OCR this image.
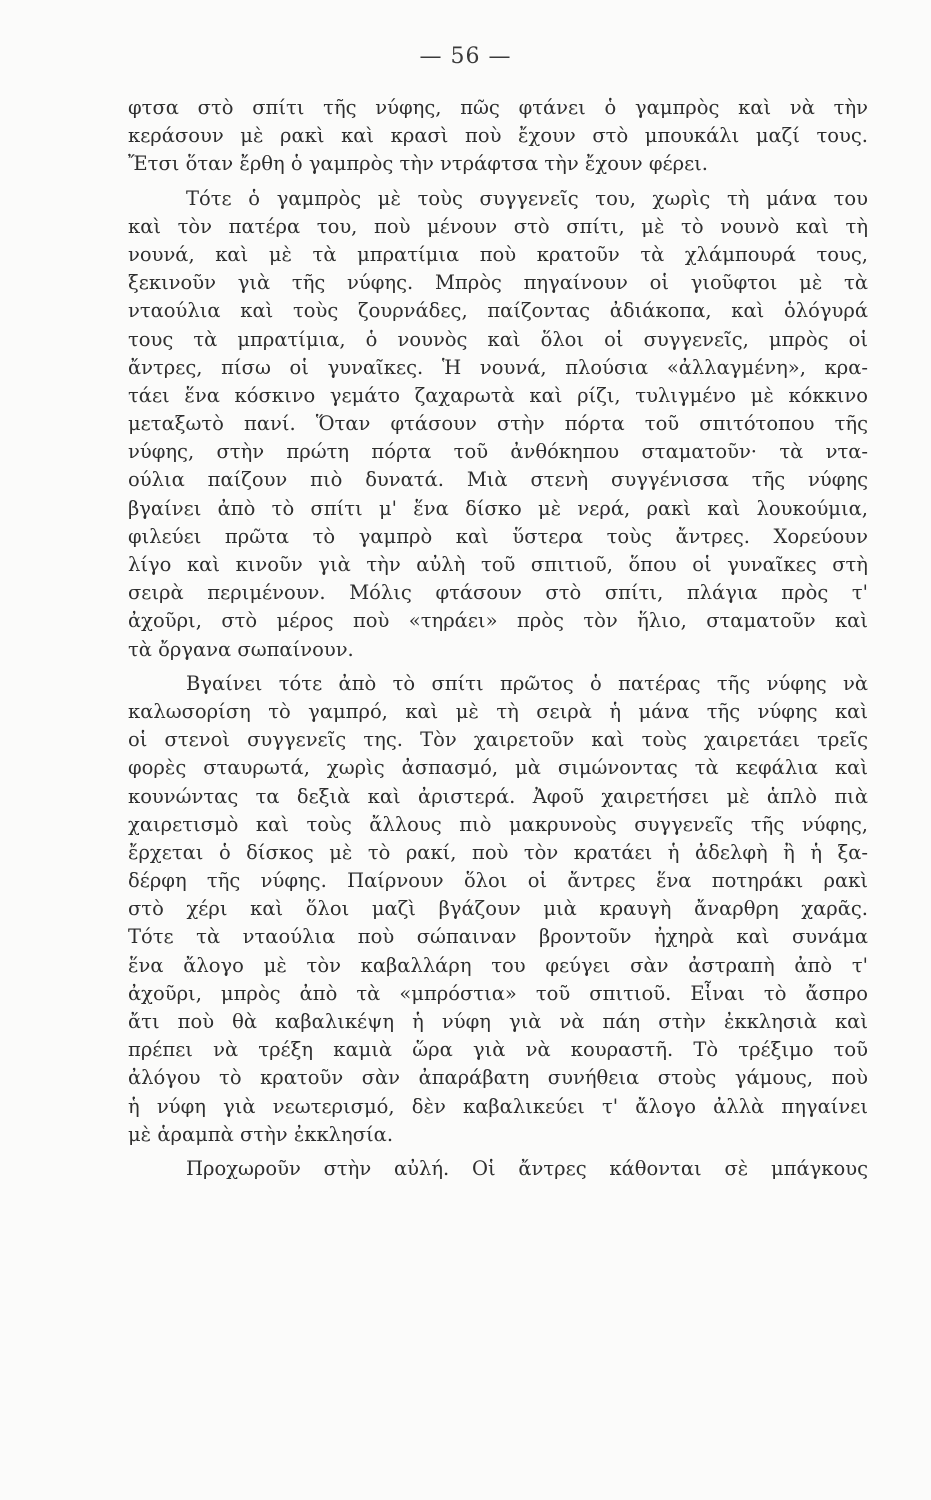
— 56 —
φτσα στὸ σπίτι τῆς νύφης, πῶς φτάνει ὁ γαμπρὸς καὶ νὰ τὴν
κεράσουν μὲ ρακὶ καὶ κρασὶ ποὺ ἔχουν στὸ μπουκάλι μαζί τους.
Ἔτσι ὅταν ἔρθη ὁ γαμπρὸς τὴν ντράφτσα τὴν ἔχουν φέρει.
Τότε ὁ γαμπρὸς μὲ τοὺς συγγενεῖς του, χωρὶς τὴ μάνα του
καὶ τὸν πατέρα του, ποὺ μένουν στὸ σπίτι, μὲ τὸ νουνὸ καὶ τὴ
νουνά, καὶ μὲ τὰ μπρατίμια ποὺ κρατοῦν τὰ χλάμπουρά τους,
ξεκινοῦν γιὰ τῆς νύφης. Μπρὸς πηγαίνουν οἱ γιοῦφτοι μὲ τὰ
νταούλια καὶ τοὺς ζουρνάδες, παίζοντας ἀδιάκοπα, καὶ ὁλόγυρά
τους τὰ μπρατίμια, ὁ νουνὸς καὶ ὅλοι οἱ συγγενεῖς, μπρὸς οἱ
ἄντρες, πίσω οἱ γυναῖκες. Ἡ νουνά, πλούσια «ἀλλαγμένη», κρα-
τάει ἕνα κόσκινο γεμάτο ζαχαρωτὰ καὶ ρίζι, τυλιγμένο μὲ κόκκινο
μεταξωτὸ πανί. Ὅταν φτάσουν στὴν πόρτα τοῦ σπιτότοπου τῆς
νύφης, στὴν πρώτη πόρτα τοῦ ἀνθόκηπου σταματοῦν· τὰ ντα-
ούλια παίζουν πιὸ δυνατά. Μιὰ στενὴ συγγένισσα τῆς νύφης
βγαίνει ἀπὸ τὸ σπίτι μ' ἕνα δίσκο μὲ νερά, ρακὶ καὶ λουκούμια,
φιλεύει πρῶτα τὸ γαμπρὸ καὶ ὕστερα τοὺς ἄντρες. Χορεύουν
λίγο καὶ κινοῦν γιὰ τὴν αὐλὴ τοῦ σπιτιοῦ, ὅπου οἱ γυναῖκες στὴ
σειρὰ περιμένουν. Μόλις φτάσουν στὸ σπίτι, πλάγια πρὸς τ'
ἀχοῦρι, στὸ μέρος ποὺ «τηράει» πρὸς τὸν ἥλιο, σταματοῦν καὶ
τὰ ὄργανα σωπαίνουν.
Βγαίνει τότε ἀπὸ τὸ σπίτι πρῶτος ὁ πατέρας τῆς νύφης νὰ
καλωσορίση τὸ γαμπρό, καὶ μὲ τὴ σειρὰ ἡ μάνα τῆς νύφης καὶ
οἱ στενοὶ συγγενεῖς της. Τὸν χαιρετοῦν καὶ τοὺς χαιρετάει τρεῖς
φορὲς σταυρωτά, χωρὶς ἀσπασμό, μὰ σιμώνοντας τὰ κεφάλια καὶ
κουνώντας τα δεξιὰ καὶ ἀριστερά. Ἀφοῦ χαιρετήσει μὲ ἁπλὸ πιὰ
χαιρετισμὸ καὶ τοὺς ἄλλους πιὸ μακρυνοὺς συγγενεῖς τῆς νύφης,
ἔρχεται ὁ δίσκος μὲ τὸ ρακί, ποὺ τὸν κρατάει ἡ ἀδελφὴ ἢ ἡ ξα-
δέρφη τῆς νύφης. Παίρνουν ὅλοι οἱ ἄντρες ἕνα ποτηράκι ρακὶ
στὸ χέρι καὶ ὅλοι μαζὶ βγάζουν μιὰ κραυγὴ ἄναρθρη χαρᾶς.
Τότε τὰ νταούλια ποὺ σώπαιναν βροντοῦν ἠχηρὰ καὶ συνάμα
ἕνα ἄλογο μὲ τὸν καβαλλάρη του φεύγει σὰν ἀστραπὴ ἀπὸ τ'
ἀχοῦρι, μπρὸς ἀπὸ τὰ «μπρόστια» τοῦ σπιτιοῦ. Εἶναι τὸ ἄσπρο
ἄτι ποὺ θὰ καβαλικέψη ἡ νύφη γιὰ νὰ πάη στὴν ἐκκλησιὰ καὶ
πρέπει νὰ τρέξη καμιὰ ὥρα γιὰ νὰ κουραστῆ. Τὸ τρέξιμο τοῦ
ἀλόγου τὸ κρατοῦν σὰν ἀπαράβατη συνήθεια στοὺς γάμους, ποὺ
ἡ νύφη γιὰ νεωτερισμό, δὲν καβαλικεύει τ' ἄλογο ἀλλὰ πηγαίνει
μὲ ἁραμπὰ στὴν ἐκκλησία.
Προχωροῦν στὴν αὐλή. Οἱ ἄντρες κάθονται σὲ μπάγκους
